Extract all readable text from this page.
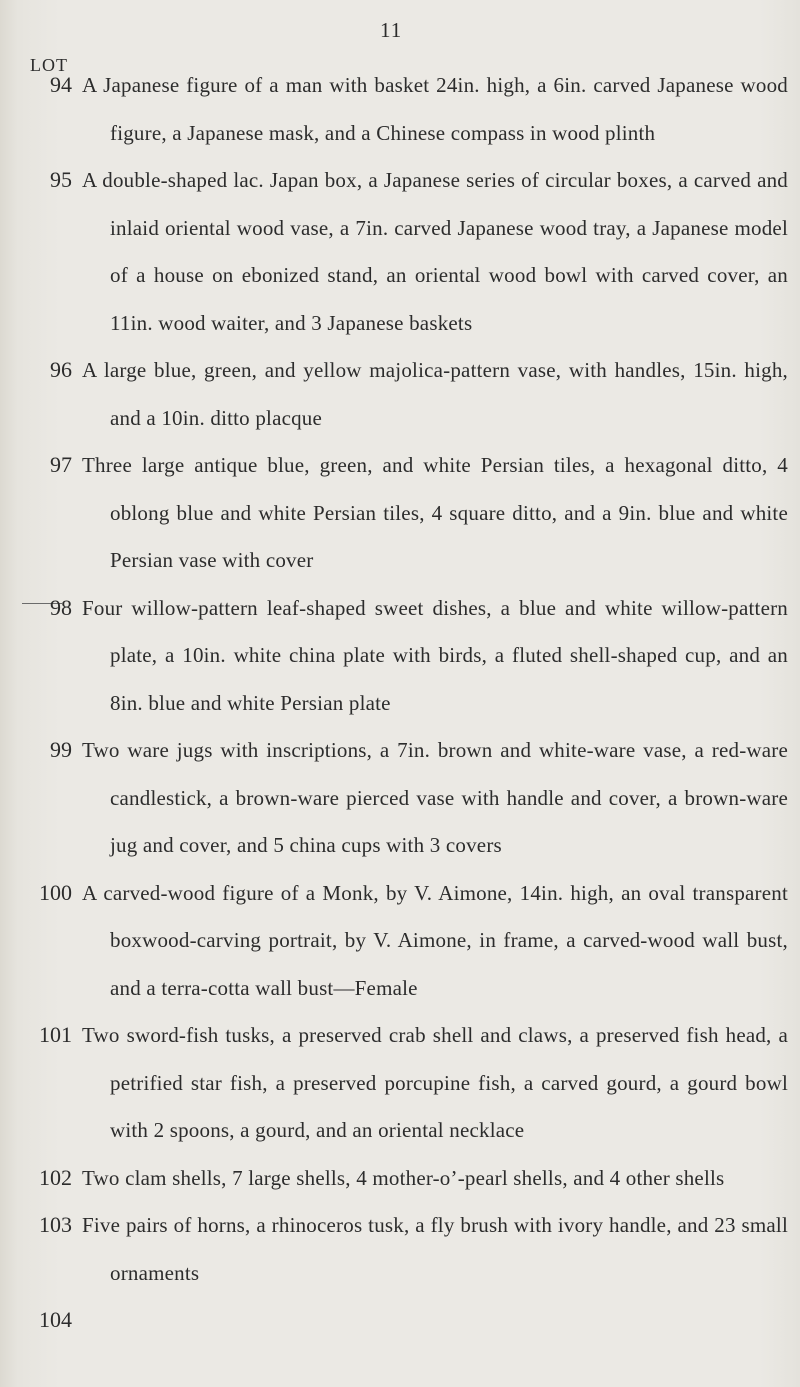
11
LOT
94 A Japanese figure of a man with basket 24in. high, a 6in. carved Japanese wood figure, a Japanese mask, and a Chinese compass in wood plinth
95 A double-shaped lac. Japan box, a Japanese series of circular boxes, a carved and inlaid oriental wood vase, a 7in. carved Japanese wood tray, a Japanese model of a house on ebonized stand, an oriental wood bowl with carved cover, an 11in. wood waiter, and 3 Japanese baskets
96 A large blue, green, and yellow majolica-pattern vase, with handles, 15in. high, and a 10in. ditto placque
97 Three large antique blue, green, and white Persian tiles, a hexagonal ditto, 4 oblong blue and white Persian tiles, 4 square ditto, and a 9in. blue and white Persian vase with cover
98 Four willow-pattern leaf-shaped sweet dishes, a blue and white willow-pattern plate, a 10in. white china plate with birds, a fluted shell-shaped cup, and an 8in. blue and white Persian plate
99 Two ware jugs with inscriptions, a 7in. brown and white-ware vase, a red-ware candlestick, a brown-ware pierced vase with handle and cover, a brown-ware jug and cover, and 5 china cups with 3 covers
100 A carved-wood figure of a Monk, by V. Aimone, 14in. high, an oval transparent boxwood-carving portrait, by V. Aimone, in frame, a carved-wood wall bust, and a terra-cotta wall bust—Female
101 Two sword-fish tusks, a preserved crab shell and claws, a preserved fish head, a petrified star fish, a preserved porcupine fish, a carved gourd, a gourd bowl with 2 spoons, a gourd, and an oriental necklace
102 Two clam shells, 7 large shells, 4 mother-o’-pearl shells, and 4 other shells
103 Five pairs of horns, a rhinoceros tusk, a fly brush with ivory handle, and 23 small ornaments
104
